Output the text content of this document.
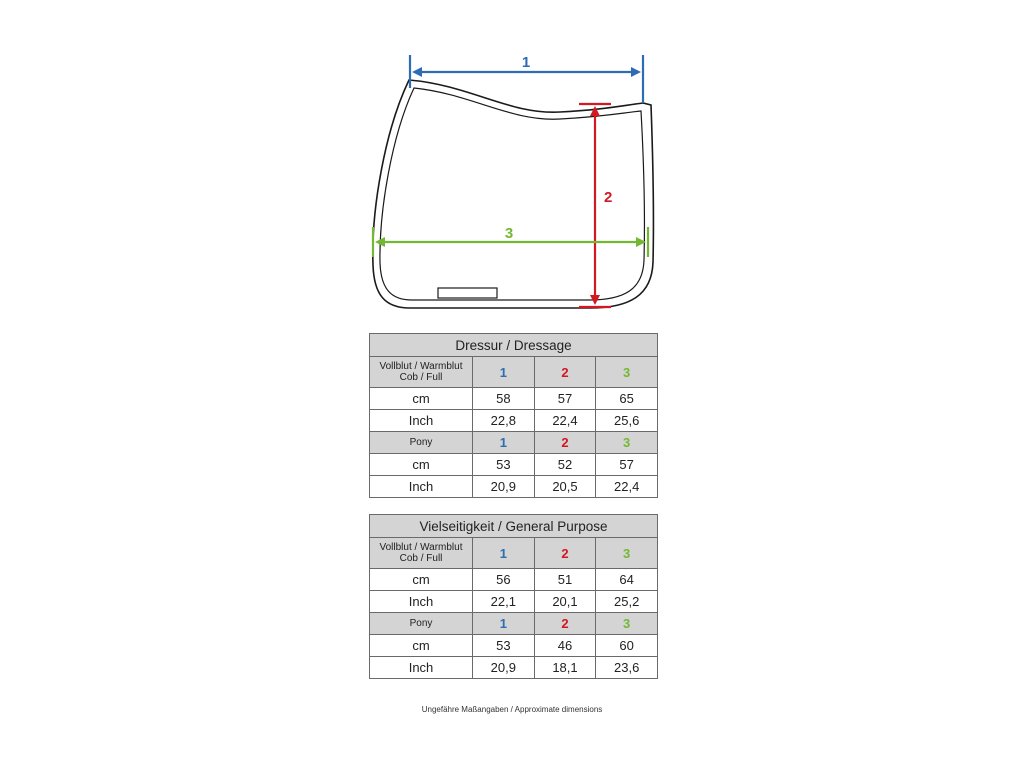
1
2
3
Dressur / Dressage			
Vollblut / Warmblut
Cob / Full	1	2	3
cm	58	57	65
Inch	22,8	22,4	25,6
Pony	1	2	3
cm	53	52	57
Inch	20,9	20,5	22,4
Vielseitigkeit / General Purpose			
Vollblut / Warmblut
Cob / Full	1	2	3
cm	56	51	64
Inch	22,1	20,1	25,2
Pony	1	2	3
cm	53	46	60
Inch	20,9	18,1	23,6
Ungefähre Maßangaben / Approximate dimensions
